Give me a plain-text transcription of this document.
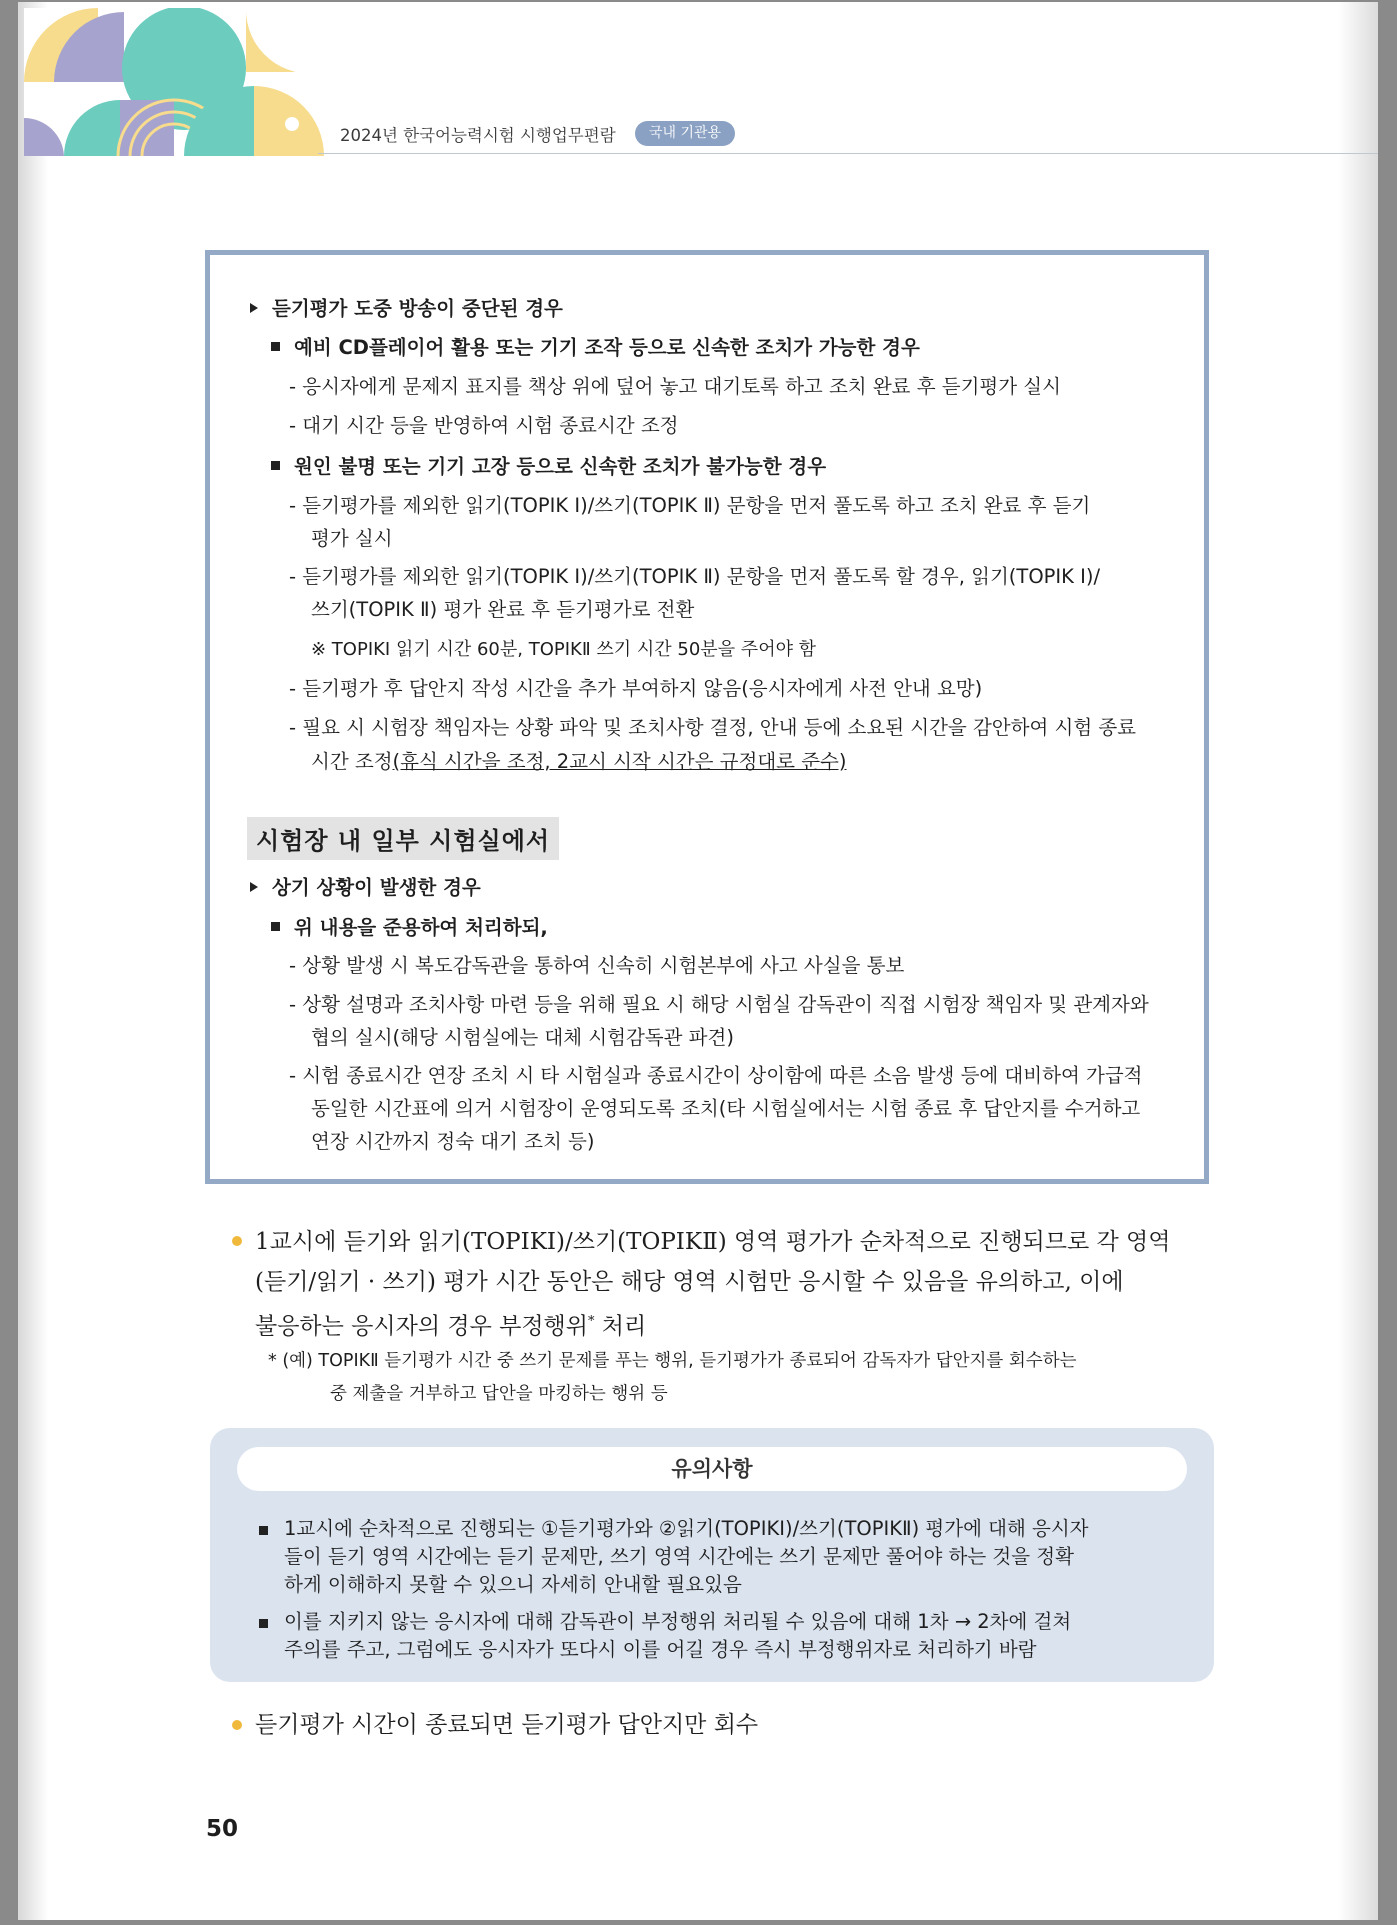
2024년 한국어능력시험 시행업무편람	국내 기관용
듣기평가 도중 방송이 중단된 경우
예비 CD플레이어 활용 또는 기기 조작 등으로 신속한 조치가 가능한 경우
- 응시자에게 문제지 표지를 책상 위에 덮어 놓고 대기토록 하고 조치 완료 후 듣기평가 실시
- 대기 시간 등을 반영하여 시험 종료시간 조정
원인 불명 또는 기기 고장 등으로 신속한 조치가 불가능한 경우
- 듣기평가를 제외한 읽기(TOPIK Ⅰ)/쓰기(TOPIK Ⅱ) 문항을 먼저 풀도록 하고 조치 완료 후 듣기
평가 실시
- 듣기평가를 제외한 읽기(TOPIK Ⅰ)/쓰기(TOPIK Ⅱ) 문항을 먼저 풀도록 할 경우, 읽기(TOPIK Ⅰ)/
쓰기(TOPIK Ⅱ) 평가 완료 후 듣기평가로 전환
※ TOPIKⅠ 읽기 시간 60분, TOPIKⅡ 쓰기 시간 50분을 주어야 함
- 듣기평가 후 답안지 작성 시간을 추가 부여하지 않음(응시자에게 사전 안내 요망)
- 필요 시 시험장 책임자는 상황 파악 및 조치사항 결정, 안내 등에 소요된 시간을 감안하여 시험 종료
시간 조정(휴식 시간을 조정, 2교시 시작 시간은 규정대로 준수)
시험장 내 일부 시험실에서
상기 상황이 발생한 경우
위 내용을 준용하여 처리하되,
- 상황 발생 시 복도감독관을 통하여 신속히 시험본부에 사고 사실을 통보
- 상황 설명과 조치사항 마련 등을 위해 필요 시 해당 시험실 감독관이 직접 시험장 책임자 및 관계자와
협의 실시(해당 시험실에는 대체 시험감독관 파견)
- 시험 종료시간 연장 조치 시 타 시험실과 종료시간이 상이함에 따른 소음 발생 등에 대비하여 가급적
동일한 시간표에 의거 시험장이 운영되도록 조치(타 시험실에서는 시험 종료 후 답안지를 수거하고
연장 시간까지 정숙 대기 조치 등)
1교시에 듣기와 읽기(TOPIKⅠ)/쓰기(TOPIKⅡ) 영역 평가가 순차적으로 진행되므로 각 영역
(듣기/읽기 · 쓰기) 평가 시간 동안은 해당 영역 시험만 응시할 수 있음을 유의하고, 이에
불응하는 응시자의 경우 부정행위* 처리
* (예) TOPIKⅡ 듣기평가 시간 중 쓰기 문제를 푸는 행위, 듣기평가가 종료되어 감독자가 답안지를 회수하는
중 제출을 거부하고 답안을 마킹하는 행위 등
유의사항
1교시에 순차적으로 진행되는 ①듣기평가와 ②읽기(TOPIKⅠ)/쓰기(TOPIKⅡ) 평가에 대해 응시자
들이 듣기 영역 시간에는 듣기 문제만, 쓰기 영역 시간에는 쓰기 문제만 풀어야 하는 것을 정확
하게 이해하지 못할 수 있으니 자세히 안내할 필요있음
이를 지키지 않는 응시자에 대해 감독관이 부정행위 처리될 수 있음에 대해 1차 → 2차에 걸쳐
주의를 주고, 그럼에도 응시자가 또다시 이를 어길 경우 즉시 부정행위자로 처리하기 바람
듣기평가 시간이 종료되면 듣기평가 답안지만 회수
50
